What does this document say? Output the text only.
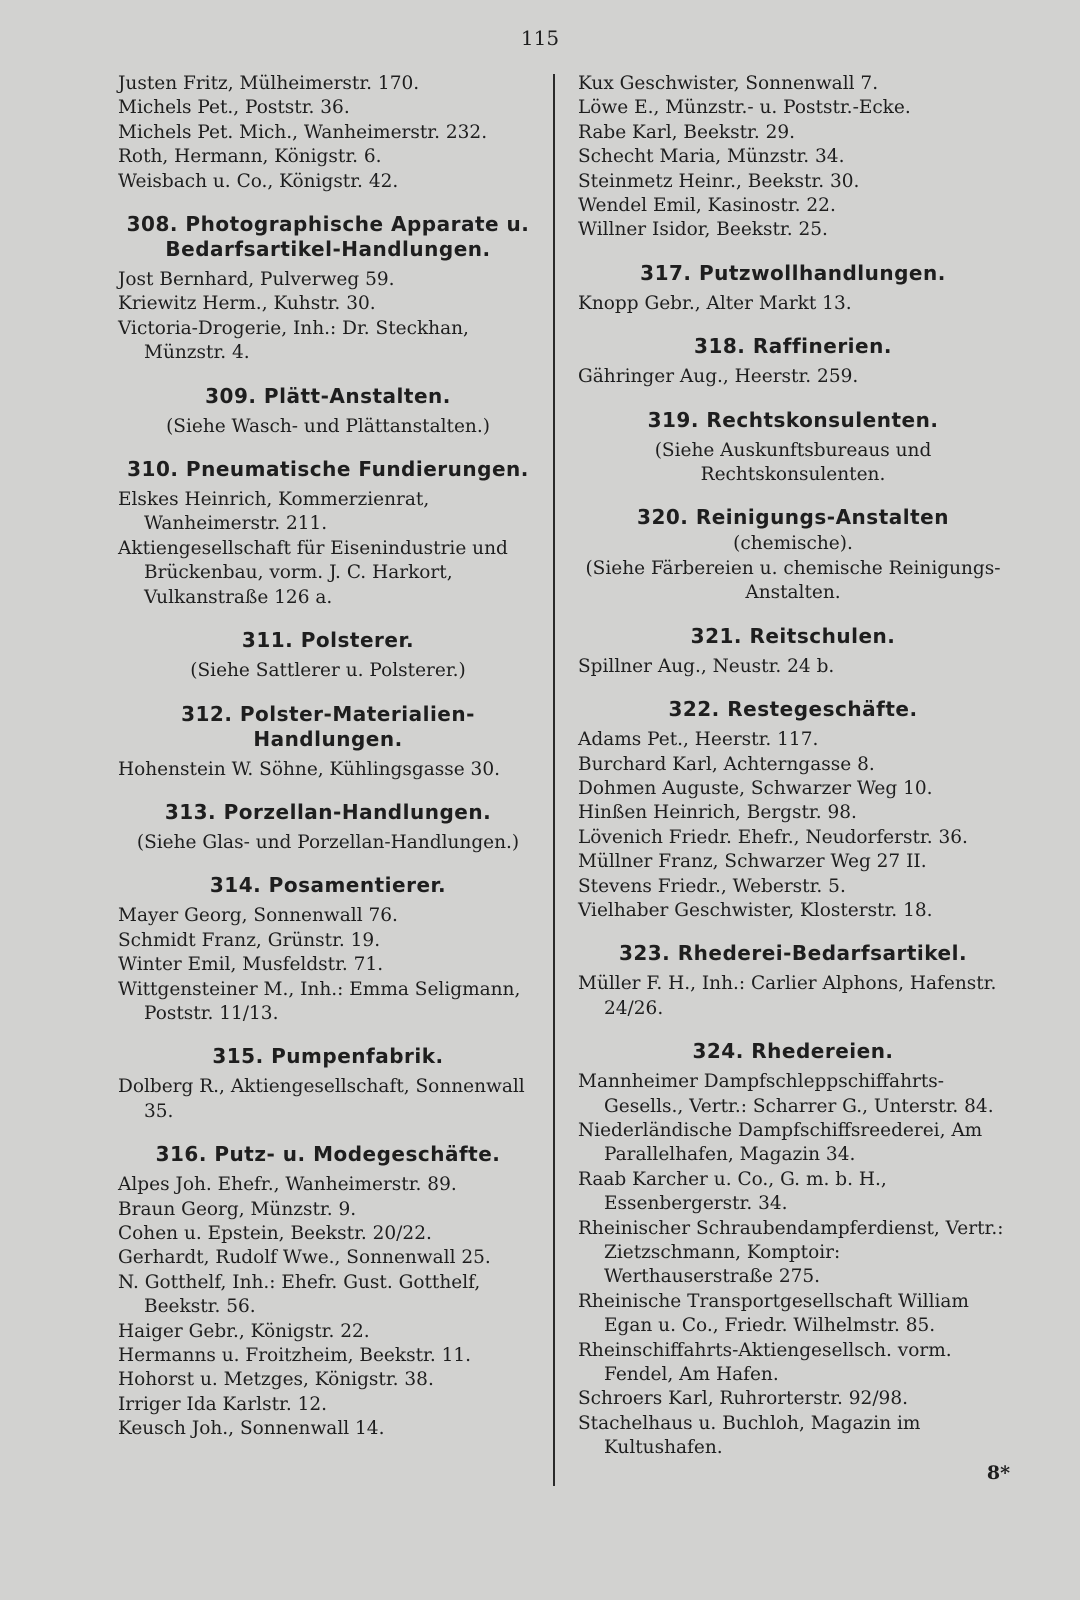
115
Justen Fritz, Mülheimerstr. 170.
Michels Pet., Poststr. 36.
Michels Pet. Mich., Wanheimerstr. 232.
Roth, Hermann, Königstr. 6.
Weisbach u. Co., Königstr. 42.
308. Photographische Apparate u. Bedarfsartikel-Handlungen.
Jost Bernhard, Pulverweg 59.
Kriewitz Herm., Kuhstr. 30.
Victoria-Drogerie, Inh.: Dr. Steckhan, Münzstr. 4.
309. Plätt-Anstalten.
(Siehe Wasch- und Plättanstalten.)
310. Pneumatische Fundierungen.
Elskes Heinrich, Kommerzienrat, Wanheimerstr. 211.
Aktiengesellschaft für Eisenindustrie und Brückenbau, vorm. J. C. Harkort, Vulkanstraße 126 a.
311. Polsterer.
(Siehe Sattlerer u. Polsterer.)
312. Polster-Materialien-Handlungen.
Hohenstein W. Söhne, Kühlingsgasse 30.
313. Porzellan-Handlungen.
(Siehe Glas- und Porzellan-Handlungen.)
314. Posamentierer.
Mayer Georg, Sonnenwall 76.
Schmidt Franz, Grünstr. 19.
Winter Emil, Musfeldstr. 71.
Wittgensteiner M., Inh.: Emma Seligmann, Poststr. 11/13.
315. Pumpenfabrik.
Dolberg R., Aktiengesellschaft, Sonnenwall 35.
316. Putz- u. Modegeschäfte.
Alpes Joh. Ehefr., Wanheimerstr. 89.
Braun Georg, Münzstr. 9.
Cohen u. Epstein, Beekstr. 20/22.
Gerhardt, Rudolf Wwe., Sonnenwall 25.
N. Gotthelf, Inh.: Ehefr. Gust. Gotthelf, Beekstr. 56.
Haiger Gebr., Königstr. 22.
Hermanns u. Froitzheim, Beekstr. 11.
Hohorst u. Metzges, Königstr. 38.
Irriger Ida Karlstr. 12.
Keusch Joh., Sonnenwall 14.
Kux Geschwister, Sonnenwall 7.
Löwe E., Münzstr.- u. Poststr.-Ecke.
Rabe Karl, Beekstr. 29.
Schecht Maria, Münzstr. 34.
Steinmetz Heinr., Beekstr. 30.
Wendel Emil, Kasinostr. 22.
Willner Isidor, Beekstr. 25.
317. Putzwollhandlungen.
Knopp Gebr., Alter Markt 13.
318. Raffinerien.
Gähringer Aug., Heerstr. 259.
319. Rechtskonsulenten.
(Siehe Auskunftsbureaus und Rechtskonsulenten.
320. Reinigungs-Anstalten
(chemische).
(Siehe Färbereien u. chemische Reinigungs-Anstalten.
321. Reitschulen.
Spillner Aug., Neustr. 24 b.
322. Restegeschäfte.
Adams Pet., Heerstr. 117.
Burchard Karl, Achterngasse 8.
Dohmen Auguste, Schwarzer Weg 10.
Hinßen Heinrich, Bergstr. 98.
Lövenich Friedr. Ehefr., Neudorferstr. 36.
Müllner Franz, Schwarzer Weg 27 II.
Stevens Friedr., Weberstr. 5.
Vielhaber Geschwister, Klosterstr. 18.
323. Rhederei-Bedarfsartikel.
Müller F. H., Inh.: Carlier Alphons, Hafenstr. 24/26.
324. Rhedereien.
Mannheimer Dampfschleppschiffahrts-Gesells., Vertr.: Scharrer G., Unterstr. 84.
Niederländische Dampfschiffsreederei, Am Parallelhafen, Magazin 34.
Raab Karcher u. Co., G. m. b. H., Essenbergerstr. 34.
Rheinischer Schraubendampferdienst, Vertr.: Zietzschmann, Komptoir: Werthauserstraße 275.
Rheinische Transportgesellschaft William Egan u. Co., Friedr. Wilhelmstr. 85.
Rheinschiffahrts-Aktiengesellsch. vorm. Fendel, Am Hafen.
Schroers Karl, Ruhrorterstr. 92/98.
Stachelhaus u. Buchloh, Magazin im Kultushafen.
8*
